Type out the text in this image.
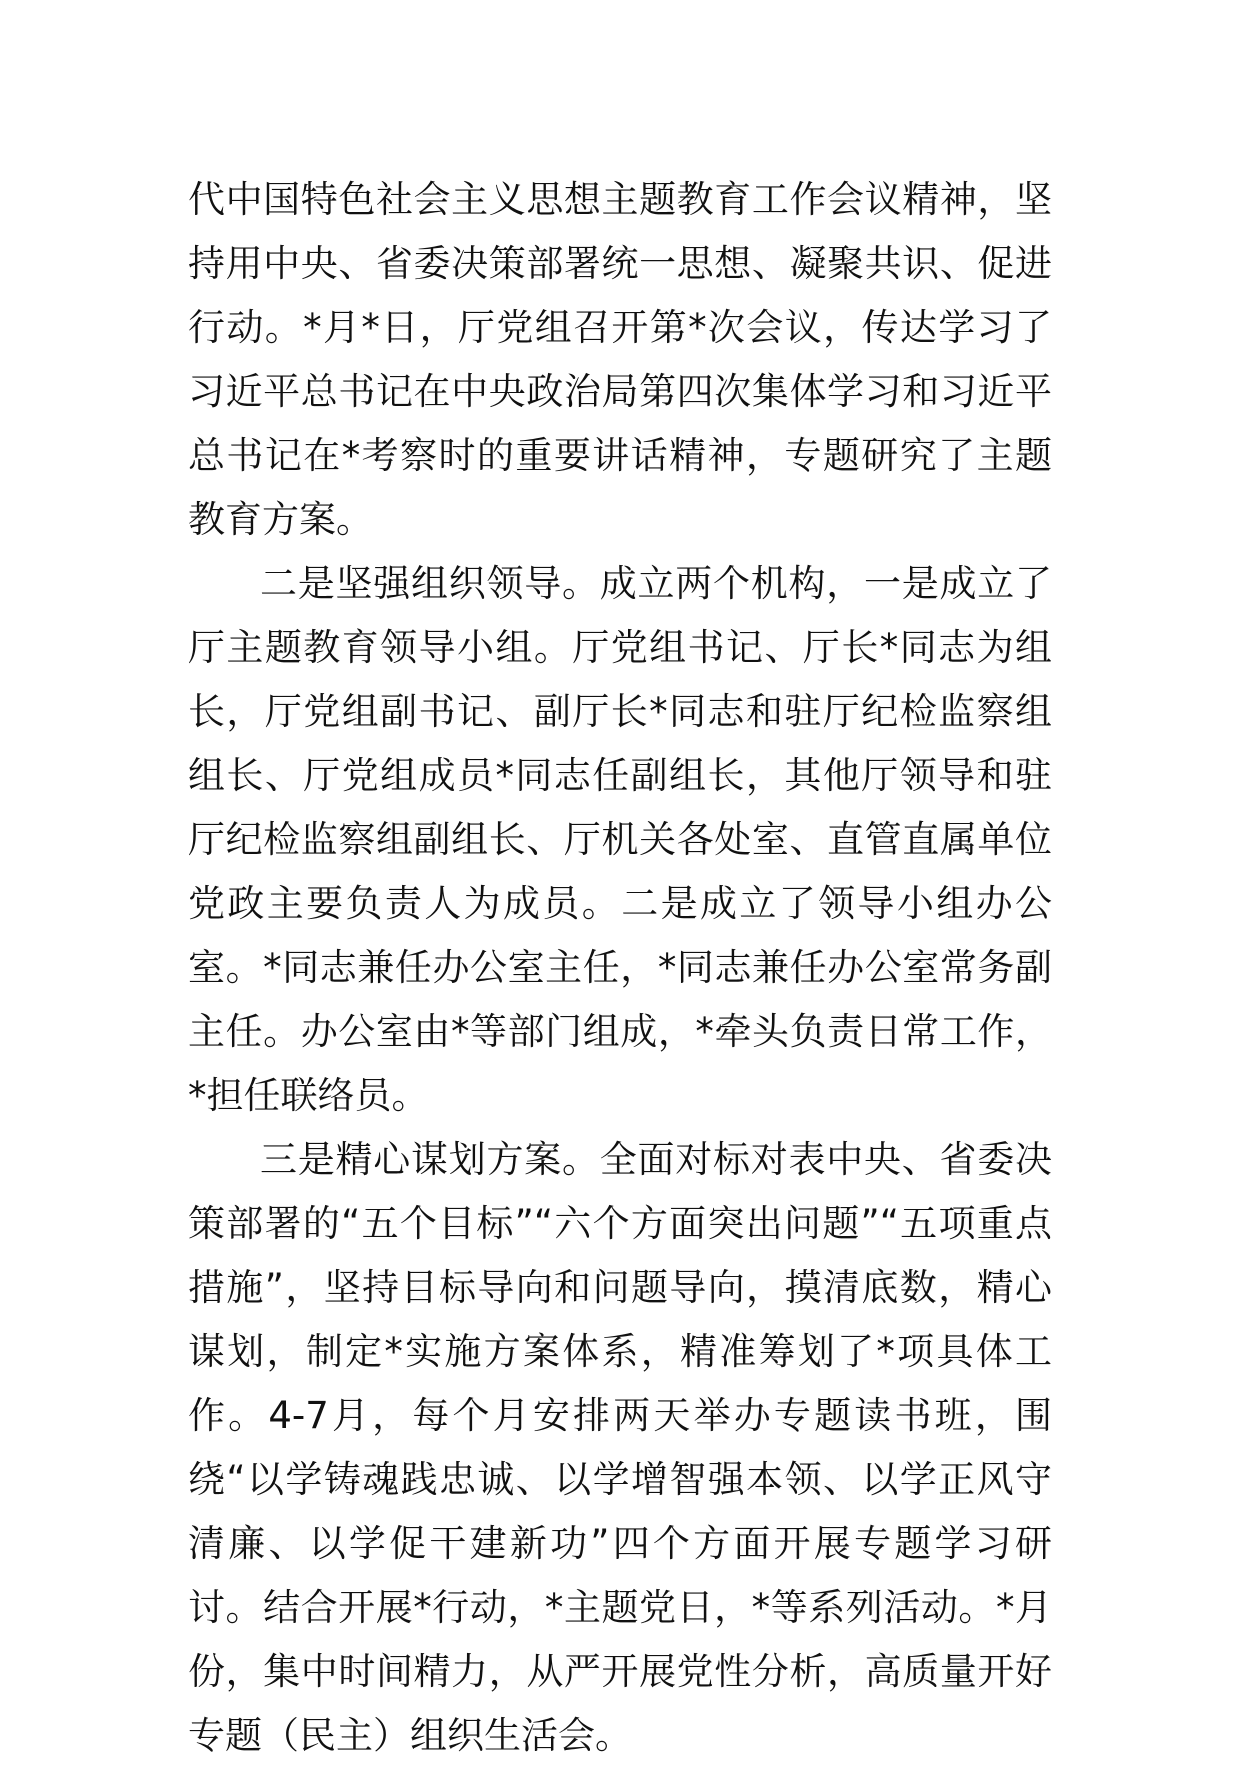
代中国特色社会主义思想主题教育工作会议精神，坚持用中央、省委决策部署统一思想、凝聚共识、促进行动。*月*日，厅党组召开第*次会议，传达学习了习近平总书记在中央政治局第四次集体学习和习近平总书记在*考察时的重要讲话精神，专题研究了主题教育方案。

二是坚强组织领导。成立两个机构，一是成立了厅主题教育领导小组。厅党组书记、厅长*同志为组长，厅党组副书记、副厅长*同志和驻厅纪检监察组组长、厅党组成员*同志任副组长，其他厅领导和驻厅纪检监察组副组长、厅机关各处室、直管直属单位党政主要负责人为成员。二是成立了领导小组办公室。*同志兼任办公室主任，*同志兼任办公室常务副主任。办公室由*等部门组成，*牵头负责日常工作，*担任联络员。

三是精心谋划方案。全面对标对表中央、省委决策部署的“五个目标”“六个方面突出问题”“五项重点措施”，坚持目标导向和问题导向，摸清底数，精心谋划，制定*实施方案体系，精准筹划了*项具体工作。4-7月，每个月安排两天举办专题读书班，围绕“以学铸魂践忠诚、以学增智强本领、以学正风守清廉、以学促干建新功”四个方面开展专题学习研讨。结合开展*行动，*主题党日，*等系列活动。*月份，集中时间精力，从严开展党性分析，高质量开好专题（民主）组织生活会。
